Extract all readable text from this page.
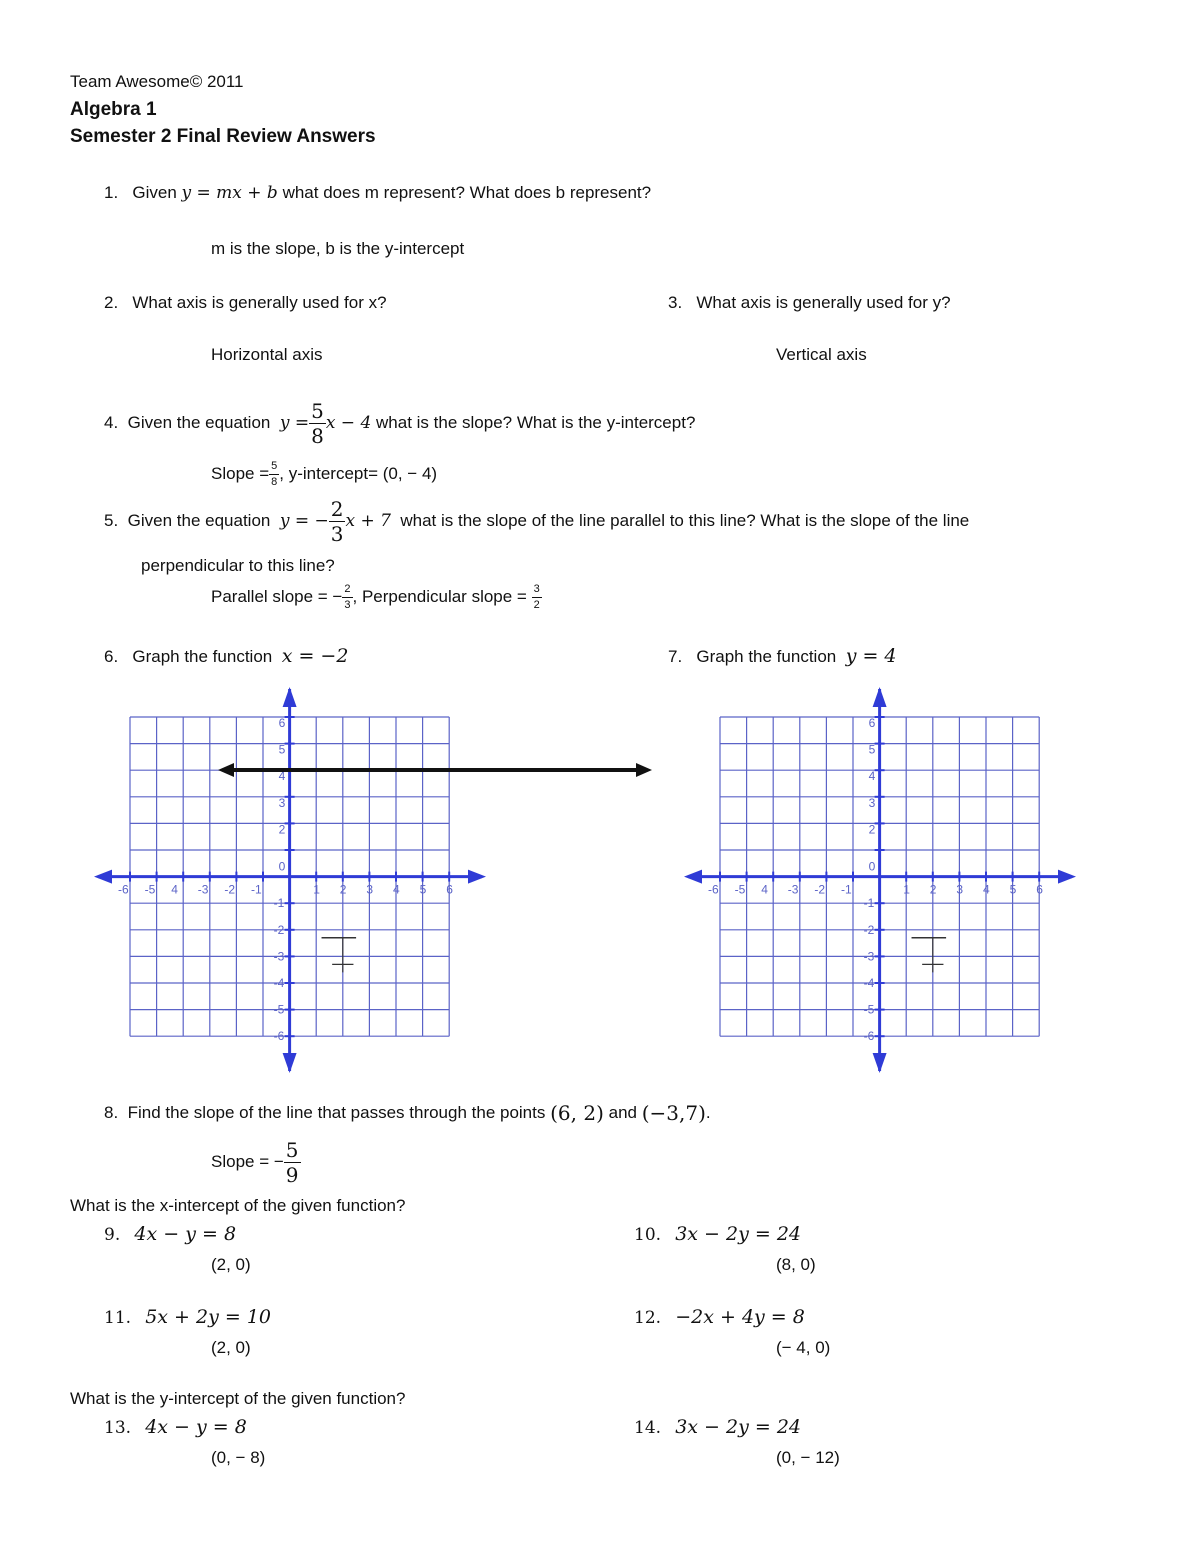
Team Awesome© 2011
Algebra 1
Semester 2 Final Review Answers
1. Given y = mx + b what does m represent? What does b represent?
m is the slope, b is the y-intercept
2. What axis is generally used for x?
Horizontal axis
3. What axis is generally used for y?
Vertical axis
4.
Given the equation
$y = \frac{5}{8}$ x − 4
what is the slope? What is the y-intercept?
Slope = $\frac{5}{8}$ , y-intercept= (0, − 4)
5.
Given the equation
y = − $\frac{2}{3}$ x + 7
what is the slope of the line parallel to this line? What is the slope of the line
perpendicular to this line?
Parallel slope = − $\frac{2}{3}$ , Perpendicular slope =
$\frac{3}{2}$
6. Graph the function x = −2	7. Graph the function y = 4
-6 -5 4 -3 -2 -1	1 2 3 4 5 6
6
5
4
3
2
0
-1
-2
-3
-4
-5
-6
-6 -5 4 -3 -2 -1	1 2 3 4 5 6
6
5
4
3
2
0
-1
-2
-3
-4
-5
-6
8.
Find the slope of the line that passes through the points
(6, 2)
and
(−3,7) .
Slope = − $\frac{5}{9}$
What is the x-intercept of the given function?
9. 4x − y = 8
(2, 0)
10. 3x − 2y = 24
(8, 0)
11. 5x + 2y = 10
(2, 0)
12. −2x + 4y = 8
(− 4, 0)
What is the y-intercept of the given function?
13. 4x − y = 8
(0, − 8)
14. 3x − 2y = 24
(0, − 12)
